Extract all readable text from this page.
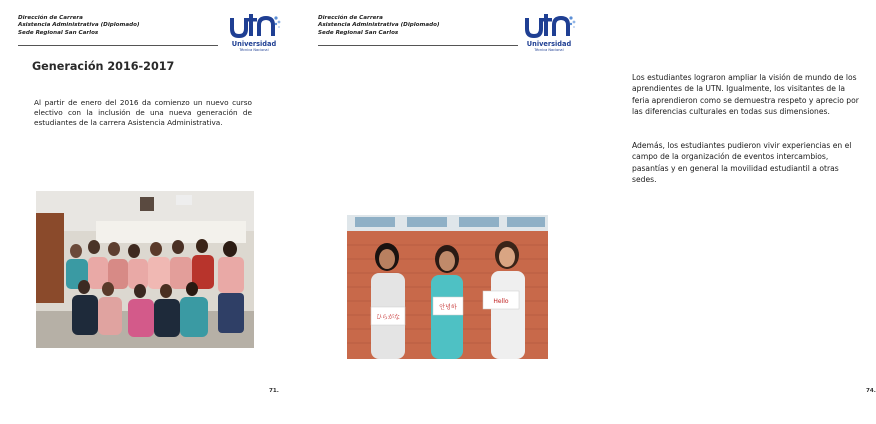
Dirección de Carrera
Asistencia Administrativa (Diplomado)
Sede Regional San Carlos
Universidad
Técnica Nacional
Generación 2016-2017
Al partir de enero del 2016 da comienzo un nuevo curso electivo con la inclusión de una nueva generación de estudiantes de la carrera Asistencia Administrativa.
71.
Dirección de Carrera
Asistencia Administrativa (Diplomado)
Sede Regional San Carlos
Universidad
Técnica Nacional
Los estudiantes lograron ampliar la visión de mundo de los aprendientes de la UTN. Igualmente, los visitantes de la feria aprendieron como se demuestra respeto y aprecio por las diferencias culturales en todas sus dimensiones.
Además, los estudiantes pudieron vivir experiencias en el campo de la organización de eventos intercambios, pasantías y en general la movilidad estudiantil a otras sedes.
74.
ひらがな
안녕하
Hello
